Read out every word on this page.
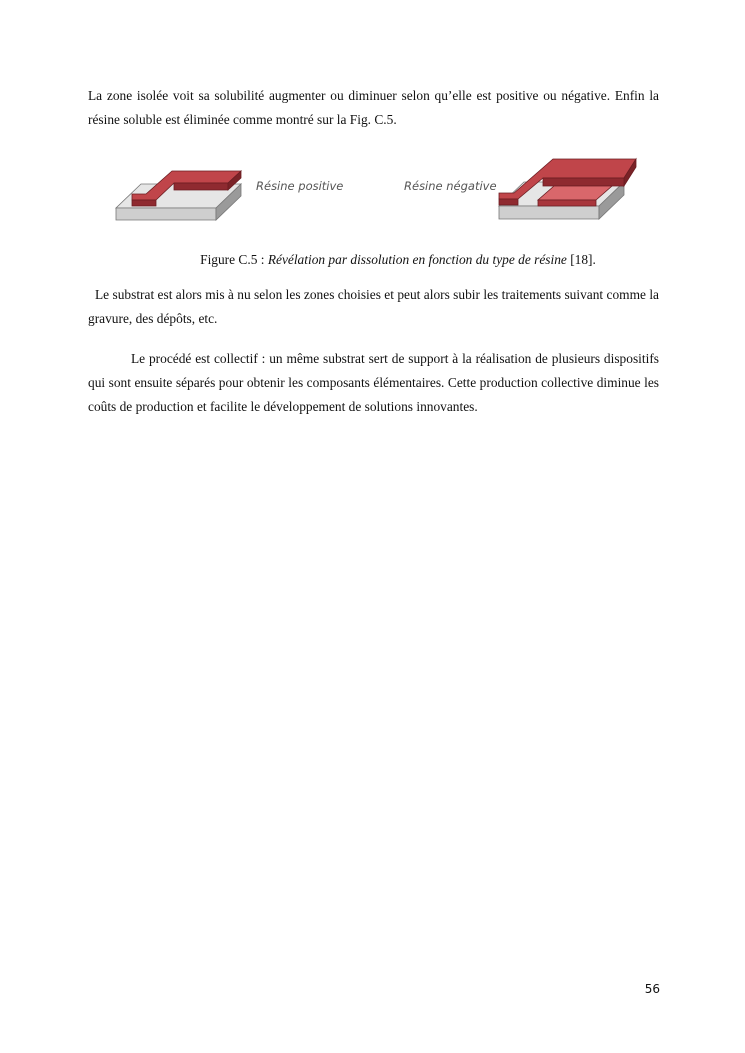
La zone isolée voit sa solubilité augmenter ou diminuer selon qu’elle est positive ou négative. Enfin la résine soluble est éliminée comme montré sur la Fig. C.5.

Résine positive	Résine négative

Figure C.5 : Révélation par dissolution en fonction du type de résine [18].

Le substrat est alors mis à nu selon les zones choisies et peut alors subir les traitements suivant comme la gravure, des dépôts, etc.

Le procédé est collectif : un même substrat sert de support à la réalisation de plusieurs dispositifs qui sont ensuite séparés pour obtenir les composants élémentaires. Cette production collective diminue les coûts de production et facilite le développement de solutions innovantes.

56
